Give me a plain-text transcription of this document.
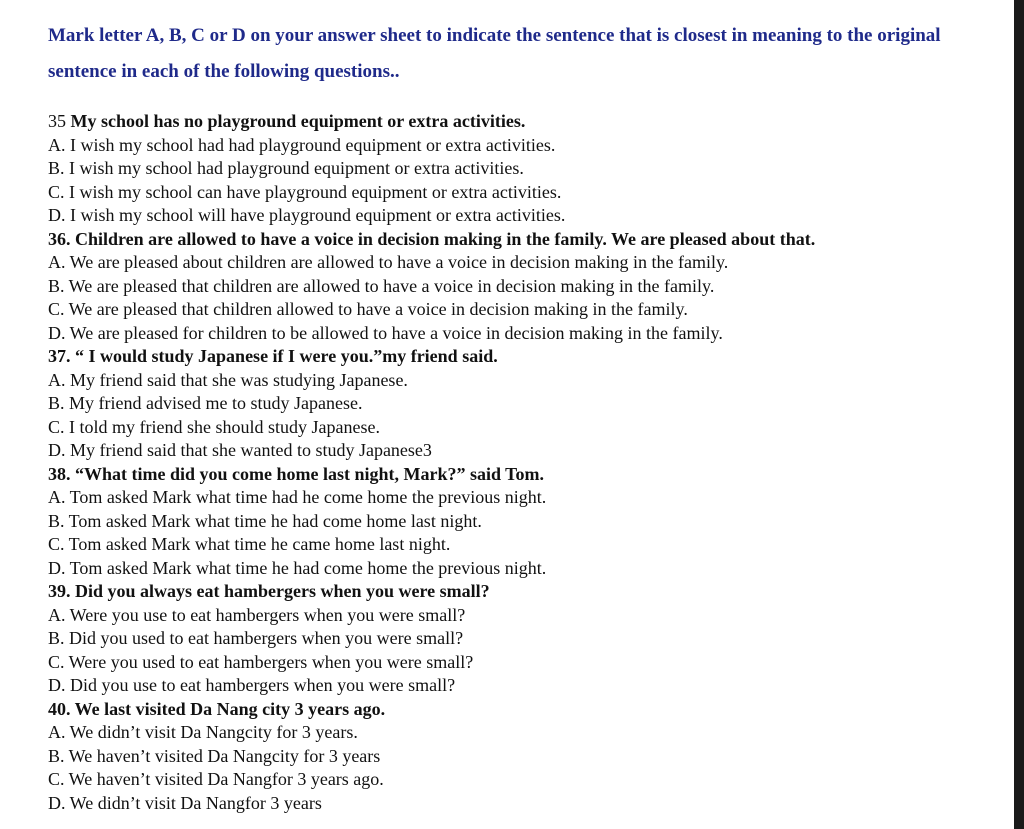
Mark letter A, B, C or D on your answer sheet to indicate the sentence that is closest in meaning to the original sentence in each of the following questions..

35 My school has no playground equipment or extra activities.
A. I wish my school had had playground equipment or extra activities.
B. I wish my school had playground equipment or extra activities.
C. I wish my school can have playground equipment or extra activities.
D. I wish my school will have playground equipment or extra activities.
36. Children are allowed to have a voice in decision making in the family. We are pleased about that.
A. We are pleased about children are allowed to have a voice in decision making in the family.
B. We are pleased that children are allowed to have a voice in decision making in the family.
C. We are pleased that children allowed to have a voice in decision making in the family.
D. We are pleased for children to be allowed to have a voice in decision making in the family.
37. “ I would study Japanese if I were you.”my friend said.
A. My friend said that she was studying Japanese.
B. My friend advised me to study Japanese.
C. I told my friend she should study Japanese.
D. My friend said that she wanted to study Japanese3
38. “What time did you come home last night, Mark?” said Tom.
A. Tom asked Mark what time had he come home the previous night.
B. Tom asked Mark what time he had come home last night.
C. Tom asked Mark what time he came home last night.
D. Tom asked Mark what time he had come home the previous night.
39. Did you always eat hambergers when you were small?
A. Were you use to eat hambergers when you were small?
B. Did you used to eat hambergers when you were small?
C. Were you used to eat hambergers when you were small?
D. Did you use to eat hambergers when you were small?
40. We last visited Da Nang city 3 years ago.
A. We didn’t visit Da Nangcity for 3 years.
B. We haven’t visited Da Nangcity for 3 years
C. We haven’t visited Da Nangfor 3 years ago.
D. We didn’t visit Da Nangfor 3 years
